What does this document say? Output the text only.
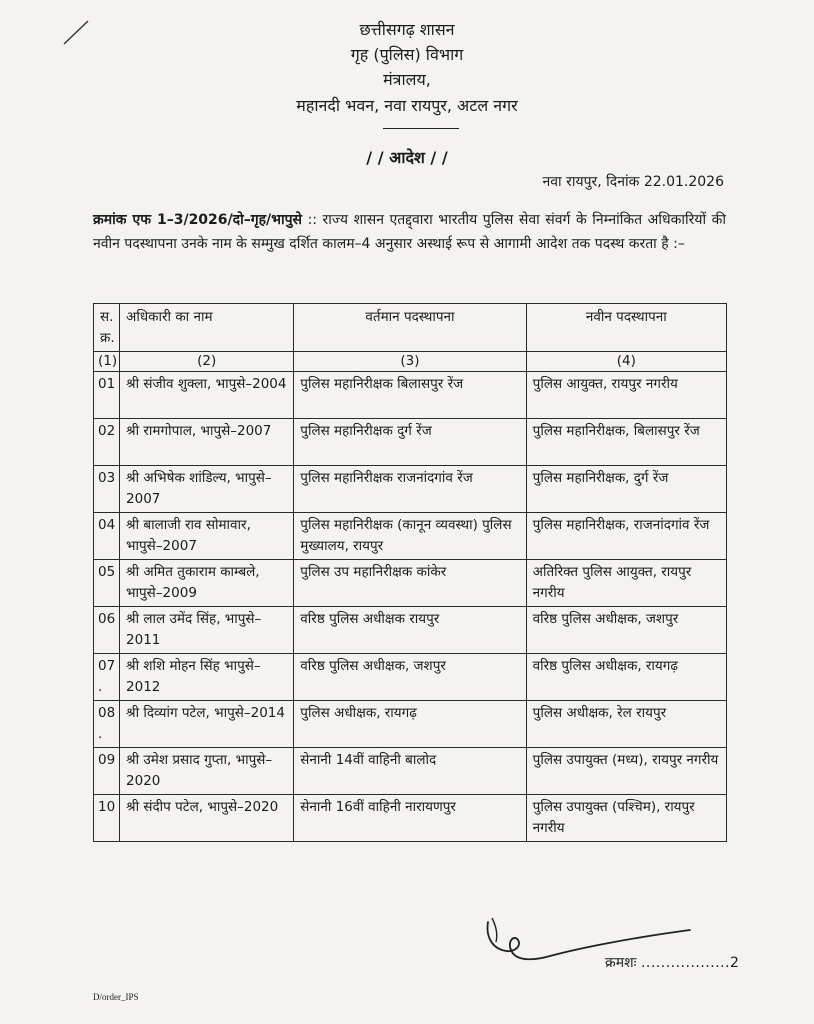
छत्तीसगढ़ शासन
गृह (पुलिस) विभाग
मंत्रालय,
महानदी भवन, नवा रायपुर, अटल नगर
/ / आदेश / /
नवा रायपुर, दिनांक 22.01.2026
क्रमांक एफ 1–3/2026/दो–गृह/भापुसे :: राज्य शासन एतद्द्वारा भारतीय पुलिस सेवा संवर्ग के निम्नांकित अधिकारियों की नवीन पदस्थापना उनके नाम के सम्मुख दर्शित कालम–4 अनुसार अस्थाई रूप से आगामी आदेश तक पदस्थ करता है :–
स. क्र.	अधिकारी का नाम	वर्तमान पदस्थापना	नवीन पदस्थापना
(1)	(2)	(3)	(4)
01	श्री संजीव शुक्ला, भापुसे–2004	पुलिस महानिरीक्षक बिलासपुर रेंज	पुलिस आयुक्त, रायपुर नगरीय
02	श्री रामगोपाल, भापुसे–2007	पुलिस महानिरीक्षक दुर्ग रेंज	पुलिस महानिरीक्षक, बिलासपुर रेंज
03	श्री अभिषेक शांडिल्य, भापुसे–2007	पुलिस महानिरीक्षक राजनांदगांव रेंज	पुलिस महानिरीक्षक, दुर्ग रेंज
04	श्री बालाजी राव सोमावार, भापुसे–2007	पुलिस महानिरीक्षक (कानून व्यवस्था) पुलिस मुख्यालय, रायपुर	पुलिस महानिरीक्षक, राजनांदगांव रेंज
05	श्री अमित तुकाराम काम्बले, भापुसे–2009	पुलिस उप महानिरीक्षक कांकेर	अतिरिक्त पुलिस आयुक्त, रायपुर नगरीय
06	श्री लाल उमेंद सिंह, भापुसे–2011	वरिष्ठ पुलिस अधीक्षक रायपुर	वरिष्ठ पुलिस अधीक्षक, जशपुर
07 .	श्री शशि मोहन सिंह भापुसे– 2012	वरिष्ठ पुलिस अधीक्षक, जशपुर	वरिष्ठ पुलिस अधीक्षक, रायगढ़
08 .	श्री दिव्यांग पटेल, भापुसे–2014	पुलिस अधीक्षक, रायगढ़	पुलिस अधीक्षक, रेल रायपुर
09	श्री उमेश प्रसाद गुप्ता, भापुसे–2020	सेनानी 14वीं वाहिनी बालोद	पुलिस उपायुक्त (मध्य), रायपुर नगरीय
10	श्री संदीप पटेल, भापुसे–2020	सेनानी 16वीं वाहिनी नारायणपुर	पुलिस उपायुक्त (पश्चिम), रायपुर नगरीय
क्रमशः ..................2
D/order_IPS
